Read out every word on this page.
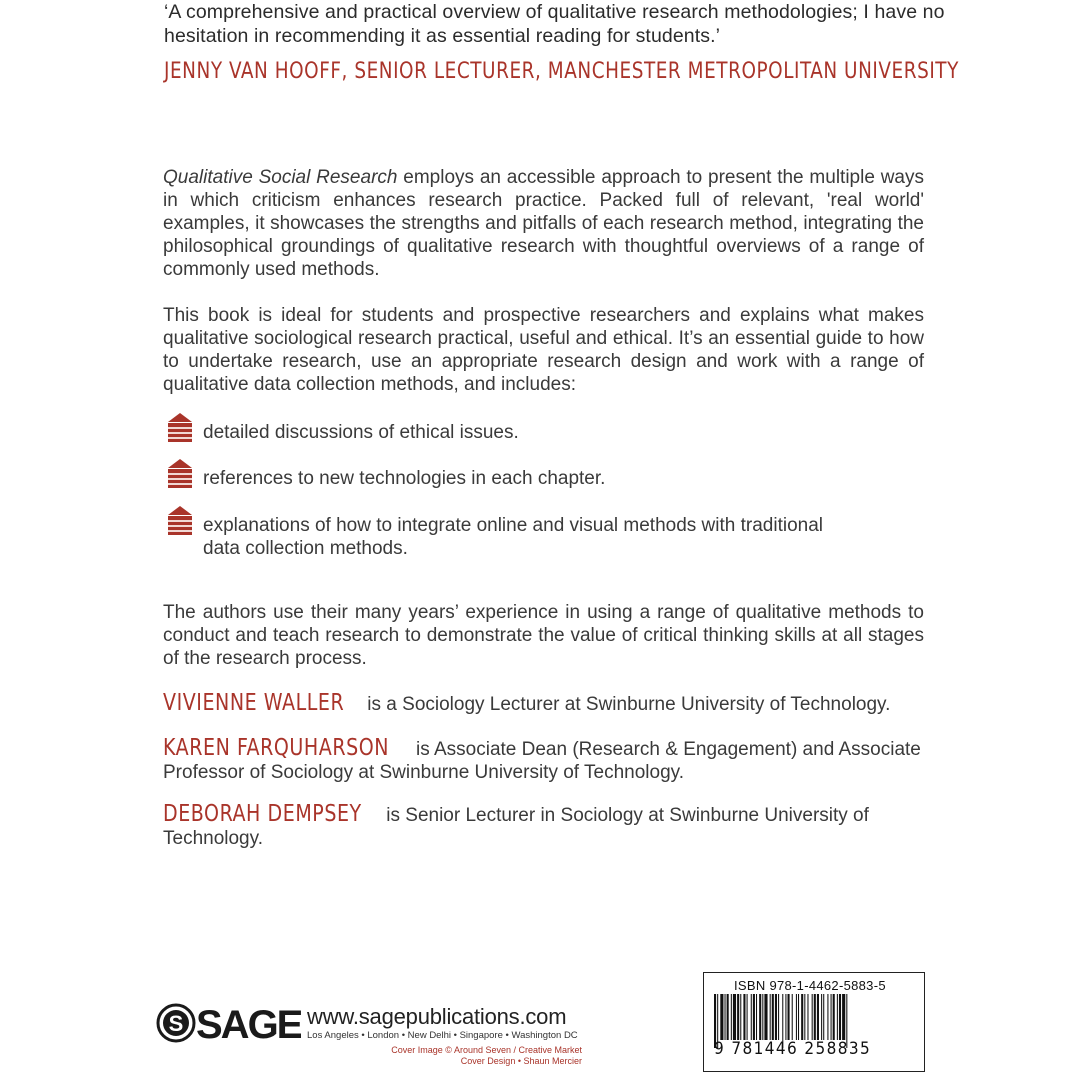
‘A comprehensive and practical overview of qualitative research methodologies; I have no hesitation in recommending it as essential reading for students.’
JENNY VAN HOOFF, SENIOR LECTURER, MANCHESTER METROPOLITAN UNIVERSITY
Qualitative Social Research employs an accessible approach to present the multiple ways in which criticism enhances research practice. Packed full of relevant, 'real world' examples, it showcases the strengths and pitfalls of each research method, integrating the philosophical groundings of qualitative research with thoughtful overviews of a range of commonly used methods.
This book is ideal for students and prospective researchers and explains what makes qualitative sociological research practical, useful and ethical. It’s an essential guide to how to undertake research, use an appropriate research design and work with a range of qualitative data collection methods, and includes:
detailed discussions of ethical issues.
references to new technologies in each chapter.
explanations of how to integrate online and visual methods with traditional data collection methods.
The authors use their many years’ experience in using a range of qualitative methods to conduct and teach research to demonstrate the value of critical thinking skills at all stages of the research process.
VIVIENNE WALLER is a Sociology Lecturer at Swinburne University of Technology.
KAREN FARQUHARSON is Associate Dean (Research & Engagement) and Associate Professor of Sociology at Swinburne University of Technology.
DEBORAH DEMPSEY is Senior Lecturer in Sociology at Swinburne University of Technology.
S SAGE www.sagepublications.com
Los Angeles • London • New Delhi • Singapore • Washington DC
Cover Image © Around Seven / Creative Market
Cover Design • Shaun Mercier
ISBN 978-1-4462-5883-5
9 781446 258835
